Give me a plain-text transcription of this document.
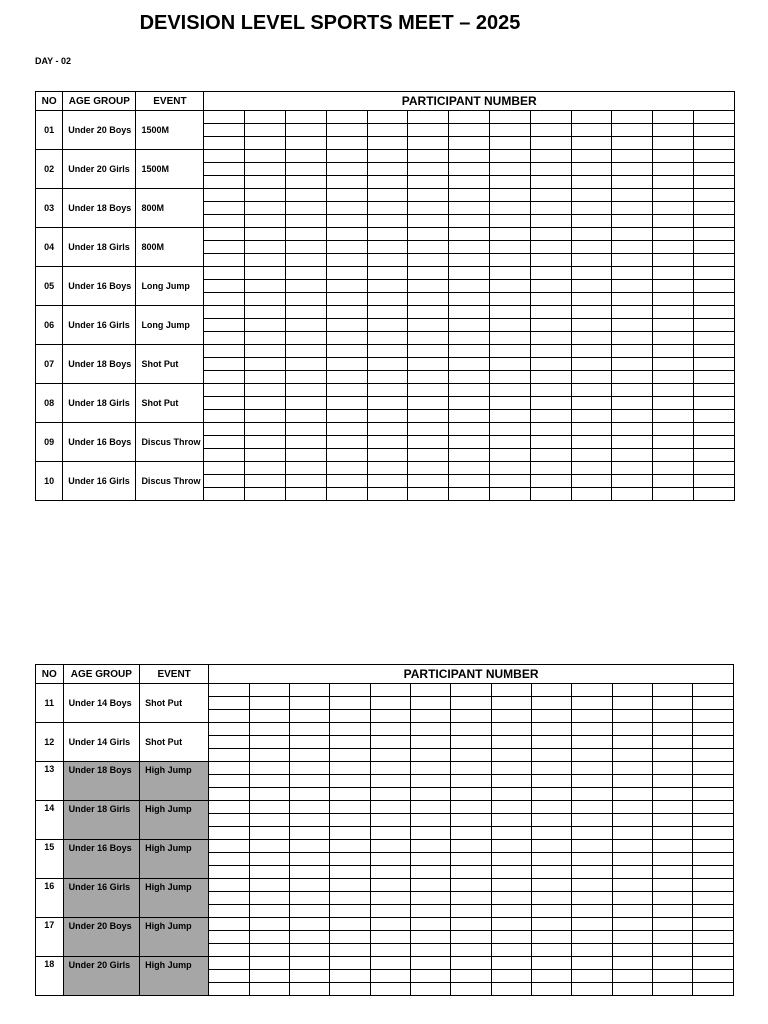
DEVISION LEVEL SPORTS MEET – 2025
DAY - 02
NO	AGE GROUP	EVENT	PARTICIPANT NUMBER												
01	Under 20 Boys	1500M													

02	Under 20 Girls	1500M													

03	Under 18 Boys	800M													

04	Under 18 Girls	800M													

05	Under 16 Boys	Long Jump													

06	Under 16 Girls	Long Jump													

07	Under 18 Boys	Shot Put													

08	Under 18 Girls	Shot Put													

09	Under 16 Boys	Discus Throw													

10	Under 16 Girls	Discus Throw													

NO	AGE GROUP	EVENT	PARTICIPANT NUMBER												
11	Under 14 Boys	Shot Put													

12	Under 14 Girls	Shot Put													

13	Under 18 Boys	High Jump													

14	Under 18 Girls	High Jump													

15	Under 16 Boys	High Jump													

16	Under 16 Girls	High Jump													

17	Under 20 Boys	High Jump													

18	Under 20 Girls	High Jump													
